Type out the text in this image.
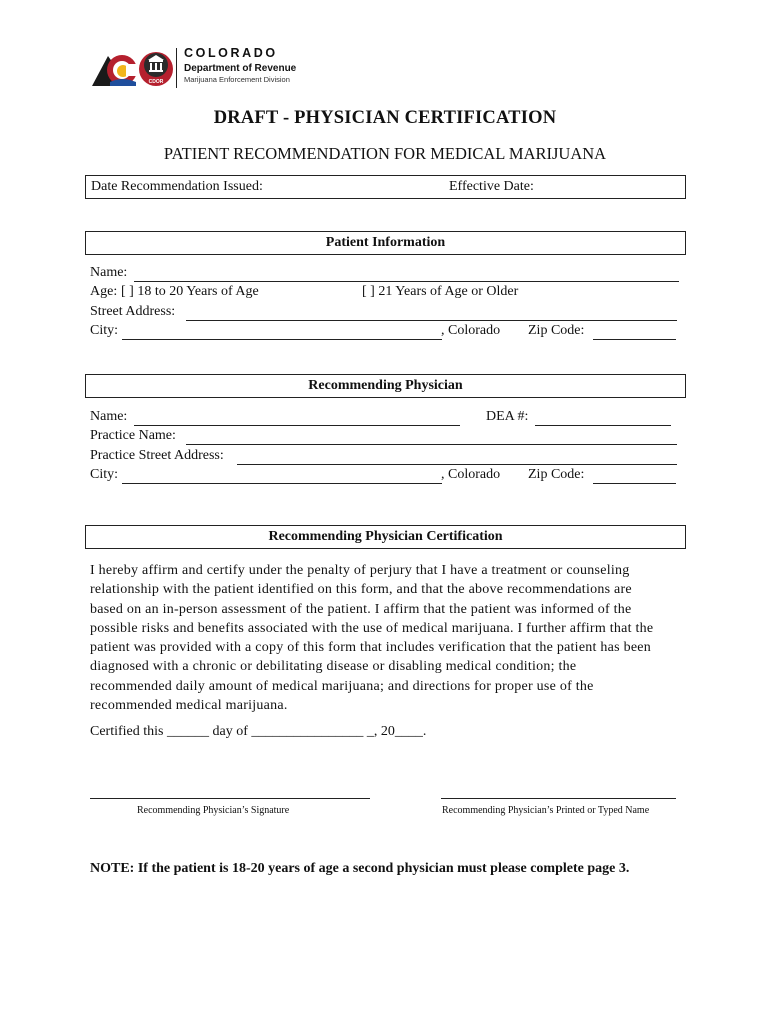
CDOR
COLORADO
Department of Revenue
Marijuana Enforcement Division
DRAFT - PHYSICIAN CERTIFICATION
PATIENT RECOMMENDATION FOR MEDICAL MARIJUANA
Date Recommendation Issued:	Effective Date:
Patient Information
Name:
Age: [ ] 18 to 20 Years of Age	[ ] 21 Years of Age or Older
Street Address:
City:	, Colorado Zip Code:
Recommending Physician
Name:	DEA #:
Practice Name:
Practice Street Address:
City:	, Colorado Zip Code:
Recommending Physician Certification
I hereby affirm and certify under the penalty of perjury that I have a treatment or counseling
relationship with the patient identified on this form, and that the above recommendations are
based on an in-person assessment of the patient. I affirm that the patient was informed of the
possible risks and benefits associated with the use of medical marijuana. I further affirm that the
patient was provided with a copy of this form that includes verification that the patient has been
diagnosed with a chronic or debilitating disease or disabling medical condition; the
recommended daily amount of medical marijuana; and directions for proper use of the
recommended medical marijuana.
Certified this ______ day of ________________ _, 20____.
Recommending Physician’s Signature	Recommending Physician’s Printed or Typed Name
NOTE: If the patient is 18-20 years of age a second physician must please complete page 3.
